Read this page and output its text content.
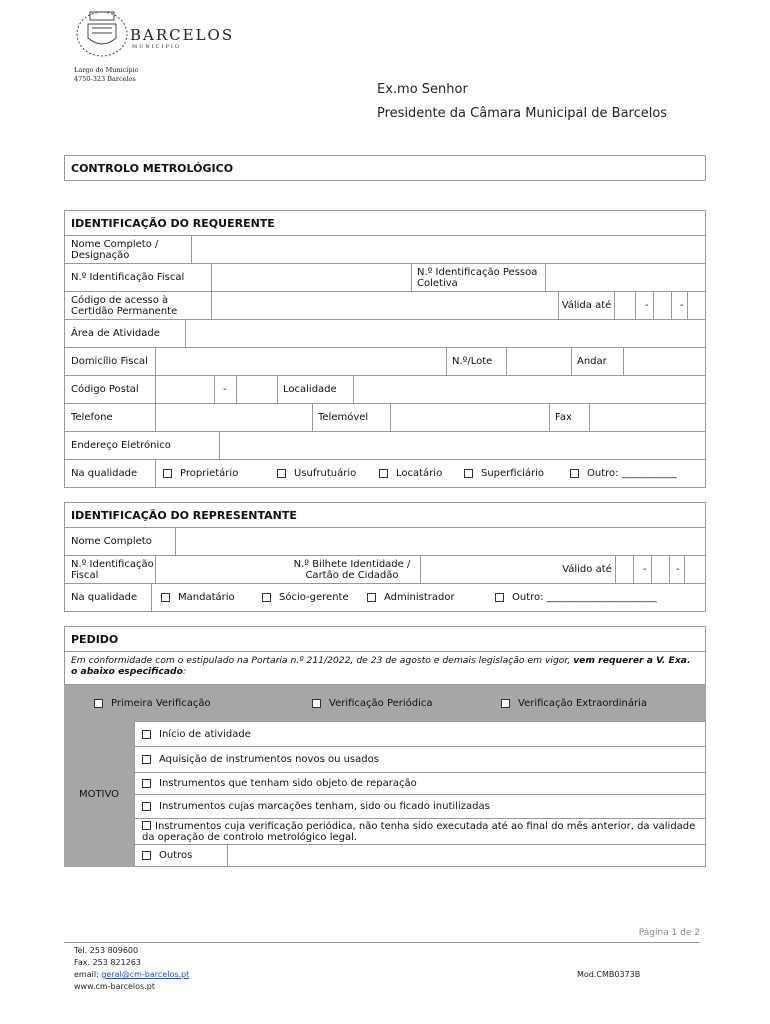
BARCELOS
MUNICÍPIO
Largo do Município
4750-323 Barcelos
Ex.mo Senhor
Presidente da Câmara Municipal de Barcelos
CONTROLO METROLÓGICO
IDENTIFICAÇÃO DO REQUERENTE
Nome Completo / Designação
N.º Identificação Fiscal	N.º Identificação Pessoa Coletiva
Código de acesso à Certidão Permanente	Válida até	-	-
Área de Atividade
Domicílio Fiscal	N.º/Lote	Andar
Código Postal	-	Localidade
Telefone	Telemóvel	Fax
Endereço Eletrónico
Na qualidade	Proprietário	Usufrutuário	Locatário	Superficiário	Outro: ___________
IDENTIFICAÇÃO DO REPRESENTANTE
Nome Completo
N.º Identificação Fiscal
N.º Bilhete Identidade / Cartão de Cidadão	Válido até	-	-
Na qualidade	Mandatário	Sócio-gerente	Administrador	Outro: ______________________
PEDIDO
Em conformidade com o estipulado na Portaria n.º 211/2022, de 23 de agosto e demais legislação em vigor, vem requerer a V. Exa. o abaixo especificado:
Primeira Verificação	Verificação Periódica	Verificação Extraordinária
MOTIVO
Início de atividade
Aquisição de instrumentos novos ou usados
Instrumentos que tenham sido objeto de reparação
Instrumentos cujas marcações tenham, sido ou ficado inutilizadas
Instrumentos cuja verificação periódica, não tenha sido executada até ao final do mês anterior, da validade da operação de controlo metrológico legal.
Outros
Página 1 de 2
Tel. 253 809600
Fax. 253 821263
email: geral@cm-barcelos.pt
www.cm-barcelos.pt
Mod.CMB0373B
